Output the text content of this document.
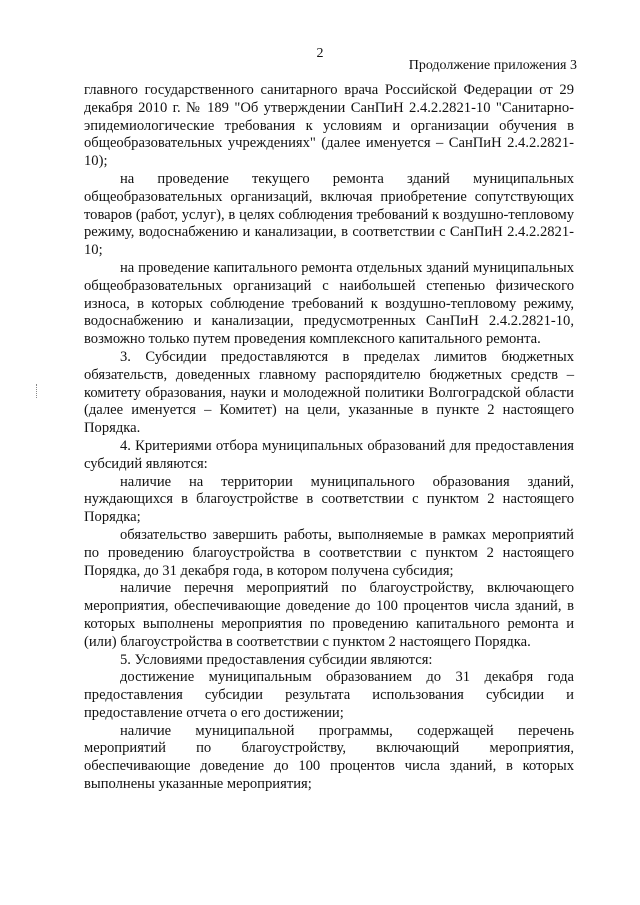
2
Продолжение приложения 3

главного государственного санитарного врача Российской Федерации от 29 декабря 2010 г. № 189 "Об утверждении СанПиН 2.4.2.2821-10 "Санитарно-эпидемиологические требования к условиям и организации обучения в общеобразовательных учреждениях" (далее именуется – СанПиН 2.4.2.2821-10);

на проведение текущего ремонта зданий муниципальных общеобразовательных организаций, включая приобретение сопутствующих товаров (работ, услуг), в целях соблюдения требований к воздушно-тепловому режиму, водоснабжению и канализации, в соответствии с СанПиН 2.4.2.2821-10;

на проведение капитального ремонта отдельных зданий муниципальных общеобразовательных организаций с наибольшей степенью физического износа, в которых соблюдение требований к воздушно-тепловому режиму, водоснабжению и канализации, предусмотренных СанПиН 2.4.2.2821-10, возможно только путем проведения комплексного капитального ремонта.

3. Субсидии предоставляются в пределах лимитов бюджетных обязательств, доведенных главному распорядителю бюджетных средств – комитету образования, науки и молодежной политики Волгоградской области (далее именуется – Комитет) на цели, указанные в пункте 2 настоящего Порядка.

4. Критериями отбора муниципальных образований для предоставления субсидий являются:

наличие на территории муниципального образования зданий, нуждающихся в благоустройстве в соответствии с пунктом 2 настоящего Порядка;

обязательство завершить работы, выполняемые в рамках мероприятий по проведению благоустройства в соответствии с пунктом 2 настоящего Порядка, до 31 декабря года, в котором получена субсидия;

наличие перечня мероприятий по благоустройству, включающего мероприятия, обеспечивающие доведение до 100 процентов числа зданий, в которых выполнены мероприятия по проведению капитального ремонта и (или) благоустройства в соответствии с пунктом 2 настоящего Порядка.

5. Условиями предоставления субсидии являются:

достижение муниципальным образованием до 31 декабря года предоставления субсидии результата использования субсидии и предоставление отчета о его достижении;

наличие муниципальной программы, содержащей перечень мероприятий по благоустройству, включающий мероприятия, обеспечивающие доведение до 100 процентов числа зданий, в которых выполнены указанные мероприятия;
